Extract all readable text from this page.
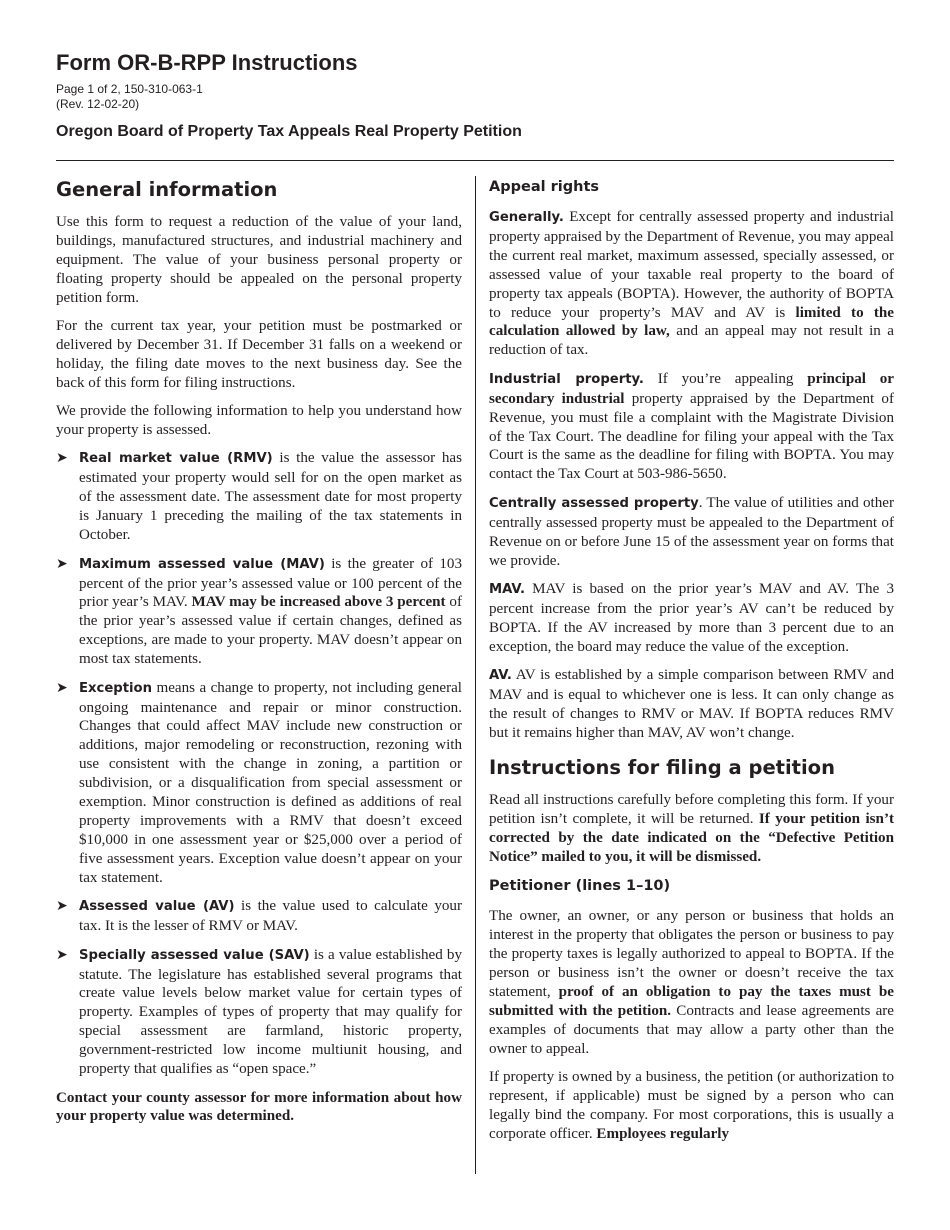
Form OR-B-RPP Instructions
Page 1 of 2, 150-310-063-1
(Rev. 12-02-20)
Oregon Board of Property Tax Appeals Real Property Petition
General information

Use this form to request a reduction of the value of your land, buildings, manufactured structures, and industrial machinery and equipment. The value of your business personal property or floating property should be appealed on the personal property petition form.

For the current tax year, your petition must be postmarked or delivered by December 31. If December 31 falls on a weekend or holiday, the filing date moves to the next business day. See the back of this form for filing instructions.

We provide the following information to help you understand how your property is assessed.

➤ Real market value (RMV) is the value the assessor has estimated your property would sell for on the open market as of the assessment date. The assessment date for most property is January 1 preceding the mailing of the tax statements in October.
➤ Maximum assessed value (MAV) is the greater of 103 percent of the prior year’s assessed value or 100 percent of the prior year’s MAV. MAV may be increased above 3 percent of the prior year’s assessed value if certain changes, defined as exceptions, are made to your property. MAV doesn’t appear on most tax statements.
➤ Exception means a change to property, not including general ongoing maintenance and repair or minor construction. Changes that could affect MAV include new construction or additions, major remodeling or reconstruction, rezoning with use consistent with the change in zoning, a partition or subdivision, or a disqualification from special assessment or exemption. Minor construction is defined as additions of real property improvements with a RMV that doesn’t exceed $10,000 in one assessment year or $25,000 over a period of five assessment years. Exception value doesn’t appear on your tax statement.
➤ Assessed value (AV) is the value used to calculate your tax. It is the lesser of RMV or MAV.
➤ Specially assessed value (SAV) is a value established by statute. The legislature has established several programs that create value levels below market value for certain types of property. Examples of types of property that may qualify for special assessment are farmland, historic property, government-restricted low income multiunit housing, and property that qualifies as “open space.”

Contact your county assessor for more information about how your property value was determined.

Appeal rights

Generally. Except for centrally assessed property and industrial property appraised by the Department of Revenue, you may appeal the current real market, maximum assessed, specially assessed, or assessed value of your taxable real property to the board of property tax appeals (BOPTA). However, the authority of BOPTA to reduce your property’s MAV and AV is limited to the calculation allowed by law, and an appeal may not result in a reduction of tax.

Industrial property. If you’re appealing principal or secondary industrial property appraised by the Department of Revenue, you must file a complaint with the Magistrate Division of the Tax Court. The deadline for filing your appeal with the Tax Court is the same as the deadline for filing with BOPTA. You may contact the Tax Court at 503-986-5650.

Centrally assessed property. The value of utilities and other centrally assessed property must be appealed to the Department of Revenue on or before June 15 of the assessment year on forms that we provide.

MAV. MAV is based on the prior year’s MAV and AV. The 3 percent increase from the prior year’s AV can’t be reduced by BOPTA. If the AV increased by more than 3 percent due to an exception, the board may reduce the value of the exception.

AV. AV is established by a simple comparison between RMV and MAV and is equal to whichever one is less. It can only change as the result of changes to RMV or MAV. If BOPTA reduces RMV but it remains higher than MAV, AV won’t change.

Instructions for filing a petition

Read all instructions carefully before completing this form. If your petition isn’t complete, it will be returned. If your petition isn’t corrected by the date indicated on the “Defective Petition Notice” mailed to you, it will be dismissed.

Petitioner (lines 1–10)

The owner, an owner, or any person or business that holds an interest in the property that obligates the person or business to pay the property taxes is legally authorized to appeal to BOPTA. If the person or business isn’t the owner or doesn’t receive the tax statement, proof of an obligation to pay the taxes must be submitted with the petition. Contracts and lease agreements are examples of documents that may allow a party other than the owner to appeal.

If property is owned by a business, the petition (or authorization to represent, if applicable) must be signed by a person who can legally bind the company. For most corporations, this is usually a corporate officer. Employees regularly
